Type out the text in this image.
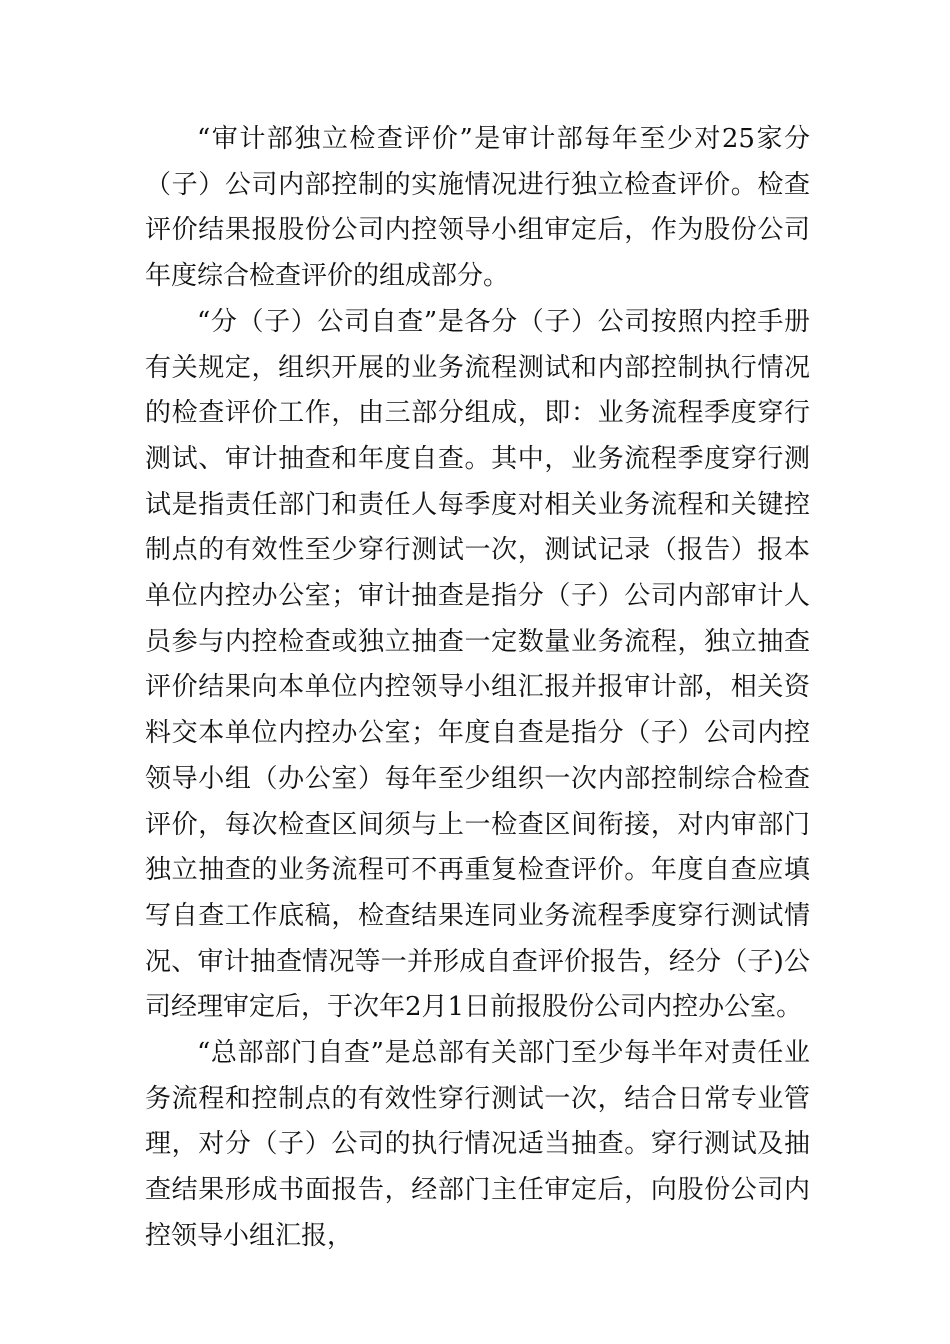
“审计部独立检查评价”是审计部每年至少对25家分（子）公司内部控制的实施情况进行独立检查评价。检查评价结果报股份公司内控领导小组审定后，作为股份公司年度综合检查评价的组成部分。

“分（子）公司自查”是各分（子）公司按照内控手册有关规定，组织开展的业务流程测试和内部控制执行情况的检查评价工作，由三部分组成，即：业务流程季度穿行测试、审计抽查和年度自查。其中，业务流程季度穿行测试是指责任部门和责任人每季度对相关业务流程和关键控制点的有效性至少穿行测试一次，测试记录（报告）报本单位内控办公室；审计抽查是指分（子）公司内部审计人员参与内控检查或独立抽查一定数量业务流程，独立抽查评价结果向本单位内控领导小组汇报并报审计部，相关资料交本单位内控办公室；年度自查是指分（子）公司内控领导小组（办公室）每年至少组织一次内部控制综合检查评价，每次检查区间须与上一检查区间衔接，对内审部门独立抽查的业务流程可不再重复检查评价。年度自查应填写自查工作底稿，检查结果连同业务流程季度穿行测试情况、审计抽查情况等一并形成自查评价报告，经分（子)公司经理审定后，于次年2月1日前报股份公司内控办公室。

“总部部门自查”是总部有关部门至少每半年对责任业务流程和控制点的有效性穿行测试一次，结合日常专业管理，对分（子）公司的执行情况适当抽查。穿行测试及抽查结果形成书面报告，经部门主任审定后，向股份公司内控领导小组汇报，
